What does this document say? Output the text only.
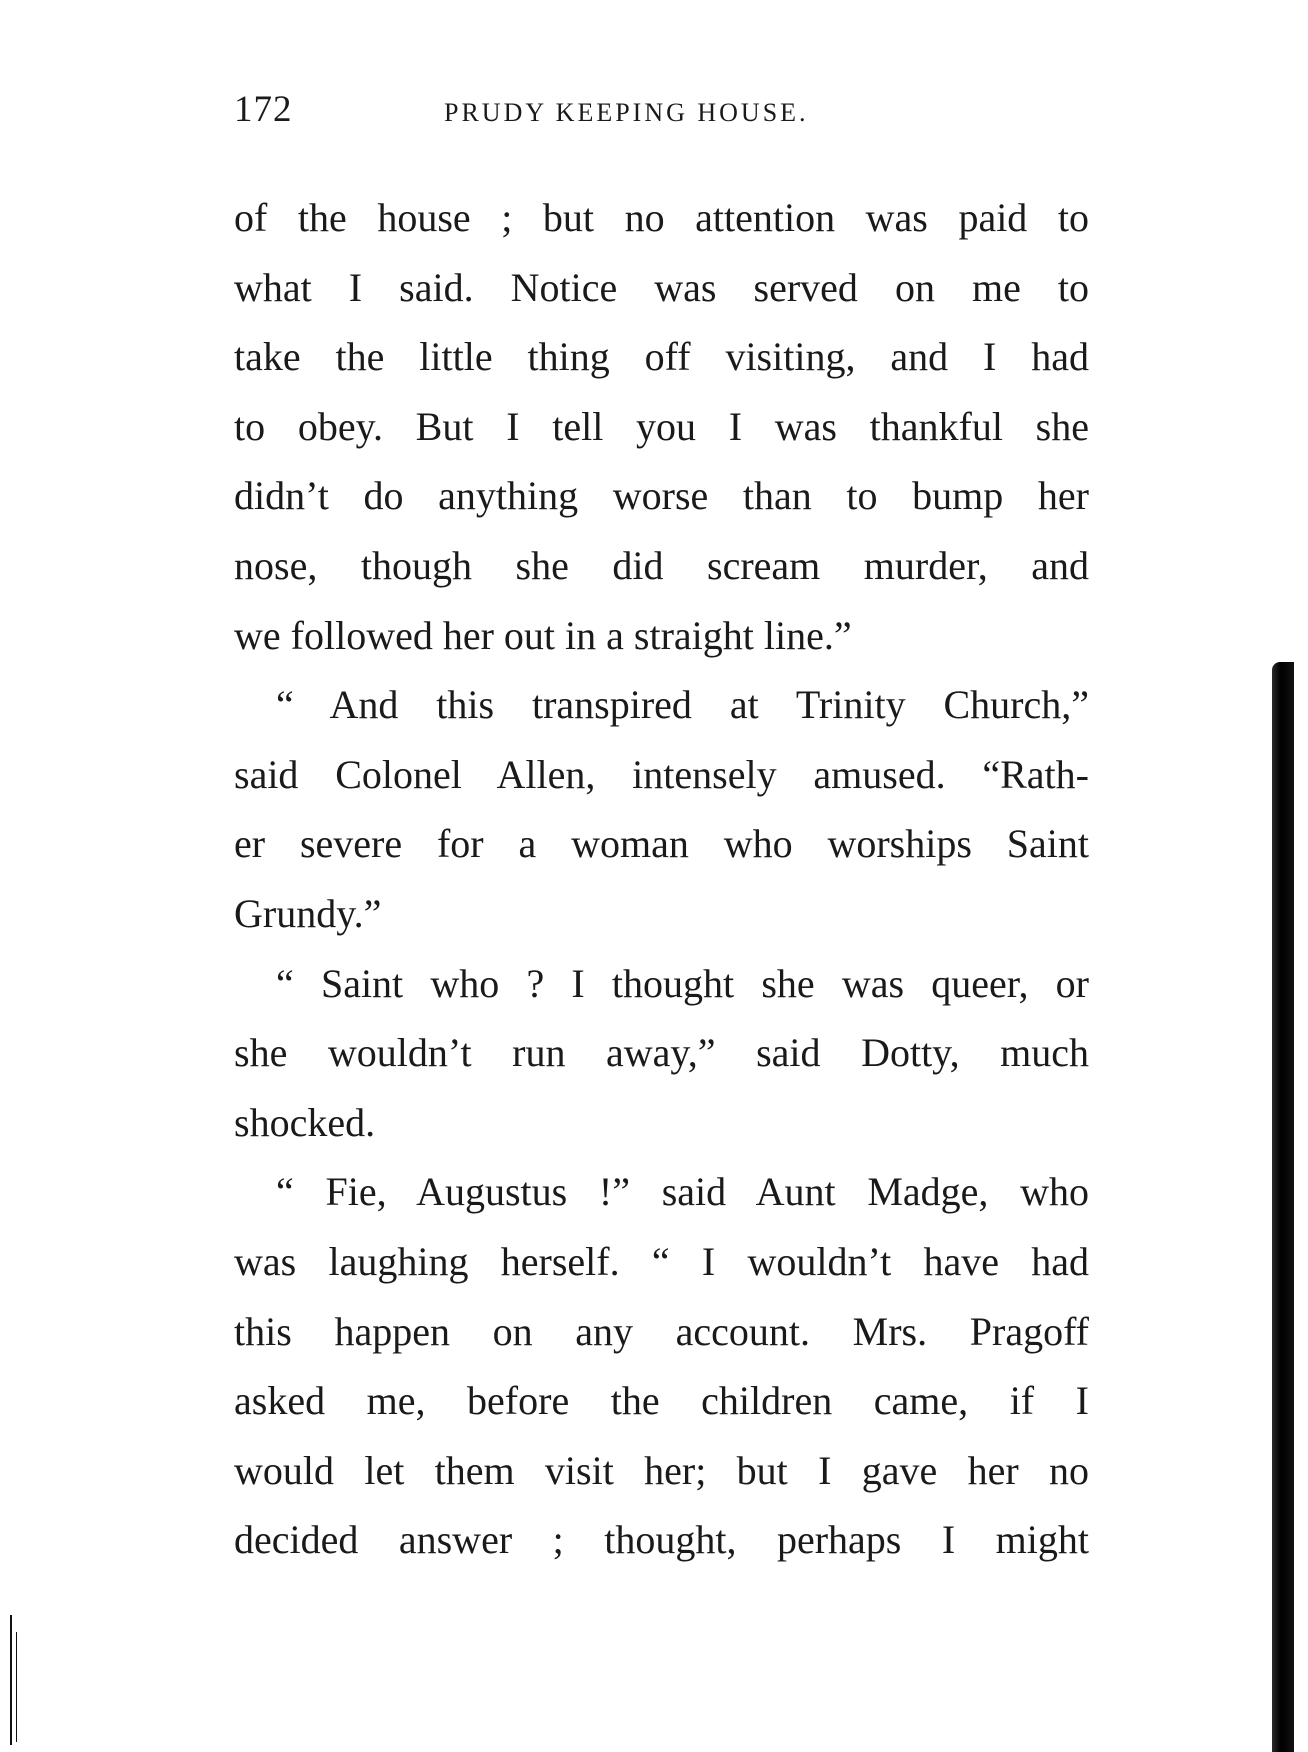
172	PRUDY KEEPING HOUSE.
of the house ; but no attention was paid to
what I said. Notice was served on me to
take the little thing off visiting, and I had
to obey. But I tell you I was thankful she
didn’t do anything worse than to bump her
nose, though she did scream murder, and
we followed her out in a straight line.”
“ And this transpired at Trinity Church,”
said Colonel Allen, intensely amused. “Rath-
er severe for a woman who worships Saint
Grundy.”
“ Saint who ? I thought she was queer, or
she wouldn’t run away,” said Dotty, much
shocked.
“ Fie, Augustus !” said Aunt Madge, who
was laughing herself. “ I wouldn’t have had
this happen on any account. Mrs. Pragoff
asked me, before the children came, if I
would let them visit her; but I gave her no
decided answer ; thought, perhaps I might
